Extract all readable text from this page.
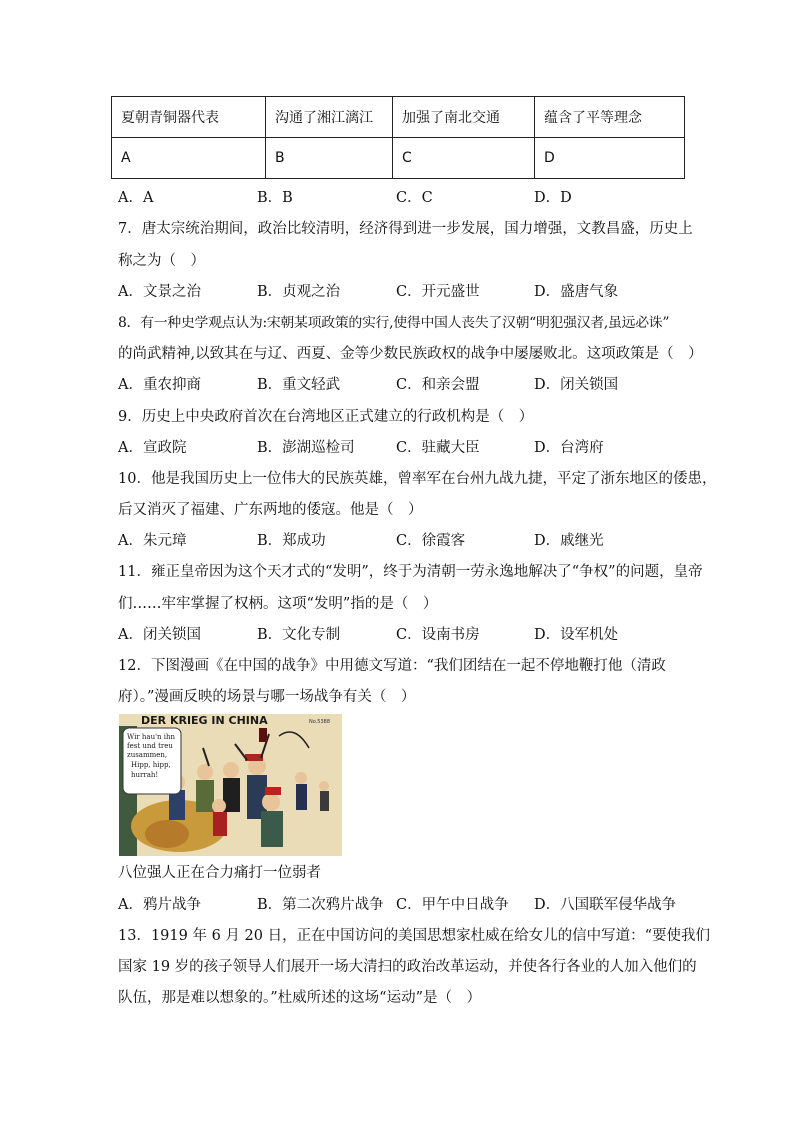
夏朝青铜器代表	沟通了湘江漓江	加强了南北交通	蕴含了平等理念
A	B	C	D
A．A	B．B	C．C	D．D
7．唐太宗统治期间，政治比较清明，经济得到进一步发展，国力增强，文教昌盛，历史上
称之为（　）
A．文景之治	B．贞观之治	C．开元盛世	D．盛唐气象
8．有一种史学观点认为:宋朝某项政策的实行,使得中国人丧失了汉朝“明犯强汉者,虽远必诛”
的尚武精神,以致其在与辽、西夏、金等少数民族政权的战争中屡屡败北。这项政策是（　）
A．重农抑商	B．重文轻武	C．和亲会盟	D．闭关锁国
9．历史上中央政府首次在台湾地区正式建立的行政机构是（　）
A．宣政院	B．澎湖巡检司	C．驻藏大臣	D．台湾府
10．他是我国历史上一位伟大的民族英雄，曾率军在台州九战九捷，平定了浙东地区的倭患，
后又消灭了福建、广东两地的倭寇。他是（　）
A．朱元璋	B．郑成功	C．徐霞客	D．戚继光
11．雍正皇帝因为这个天才式的“发明”，终于为清朝一劳永逸地解决了“争权”的问题，皇帝
们……牢牢掌握了权柄。这项“发明”指的是（　）
A．闭关锁国	B．文化专制	C．设南书房	D．设军机处
12．下图漫画《在中国的战争》中用德文写道：“我们团结在一起不停地鞭打他（清政
府）。”漫画反映的场景与哪一场战争有关（　）
DER KRIEG IN CHINA	No.5388
Wir hau'n ihn
fest und treu
zusammen,
Hipp, hipp,
hurrah!
八位强人正在合力痛打一位弱者
A．鸦片战争	B．第二次鸦片战争 C．甲午中日战争 D．八国联军侵华战争
13．1919 年 6 月 20 日，正在中国访问的美国思想家杜威在给女儿的信中写道：“要使我们
国家 19 岁的孩子领导人们展开一场大清扫的政治改革运动，并使各行各业的人加入他们的
队伍，那是难以想象的。”杜威所述的这场“运动”是（　）
